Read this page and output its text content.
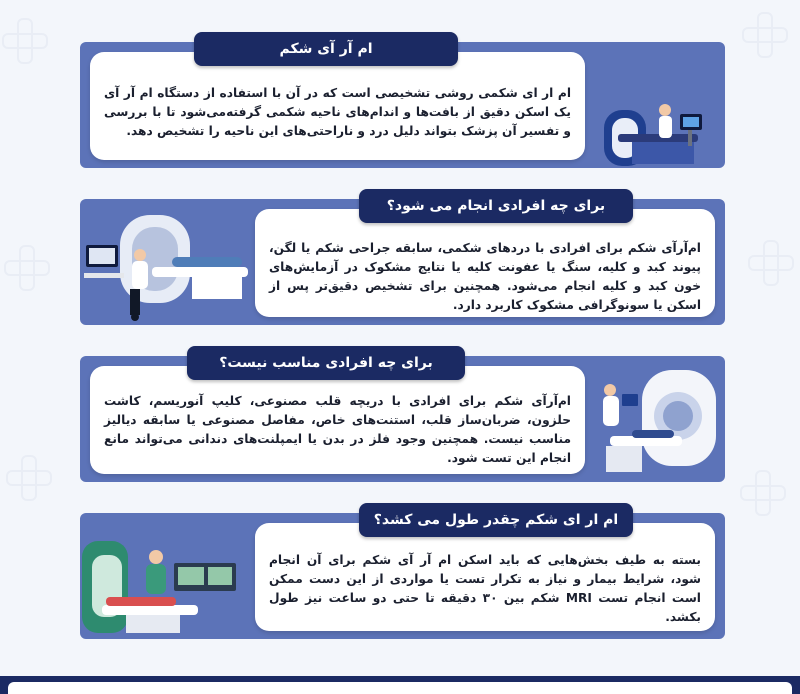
ام ار ای شکمی روشی تشخیصی است که در آن با استفاده از دستگاه ام آر آی یک اسکن دقیق از بافت‌ها و اندام‌های ناحیه شکمی گرفته‌می‌شود تا با بررسی و تفسیر آن پزشک بتواند دلیل درد و ناراحتی‌های این ناحیه را تشخیص دهد.

ام آر آی شکم

ام‌آرآی شکم برای افرادی با دردهای شکمی، سابقه جراحی شکم یا لگن، پیوند کبد و کلیه، سنگ یا عفونت کلیه یا نتایج مشکوک در آزمایش‌های خون کبد و کلیه انجام می‌شود. همچنین برای تشخیص دقیق‌تر پس از اسکن یا سونوگرافی مشکوک کاربرد دارد.

برای چه افرادی انجام می شود؟

ام‌آرآی شکم برای افرادی با دریچه قلب مصنوعی، کلیپ آنوریسم، کاشت حلزون، ضربان‌ساز قلب، استنت‌های خاص، مفاصل مصنوعی یا سابقه دیالیز مناسب نیست. همچنین وجود فلز در بدن یا ایمپلنت‌های دندانی می‌تواند مانع انجام این تست شود.

برای چه افرادی مناسب نیست؟

بسته به طیف بخش‌هایی که باید اسکن ام آر آی شکم برای آن انجام شود، شرایط بیمار و نیاز به تکرار تست یا مواردی از این دست ممکن است انجام تست MRI شکم بین ۳۰ دقیقه تا حتی دو ساعت نیز طول بکشد.

ام ار ای شکم چقدر طول می کشد؟
